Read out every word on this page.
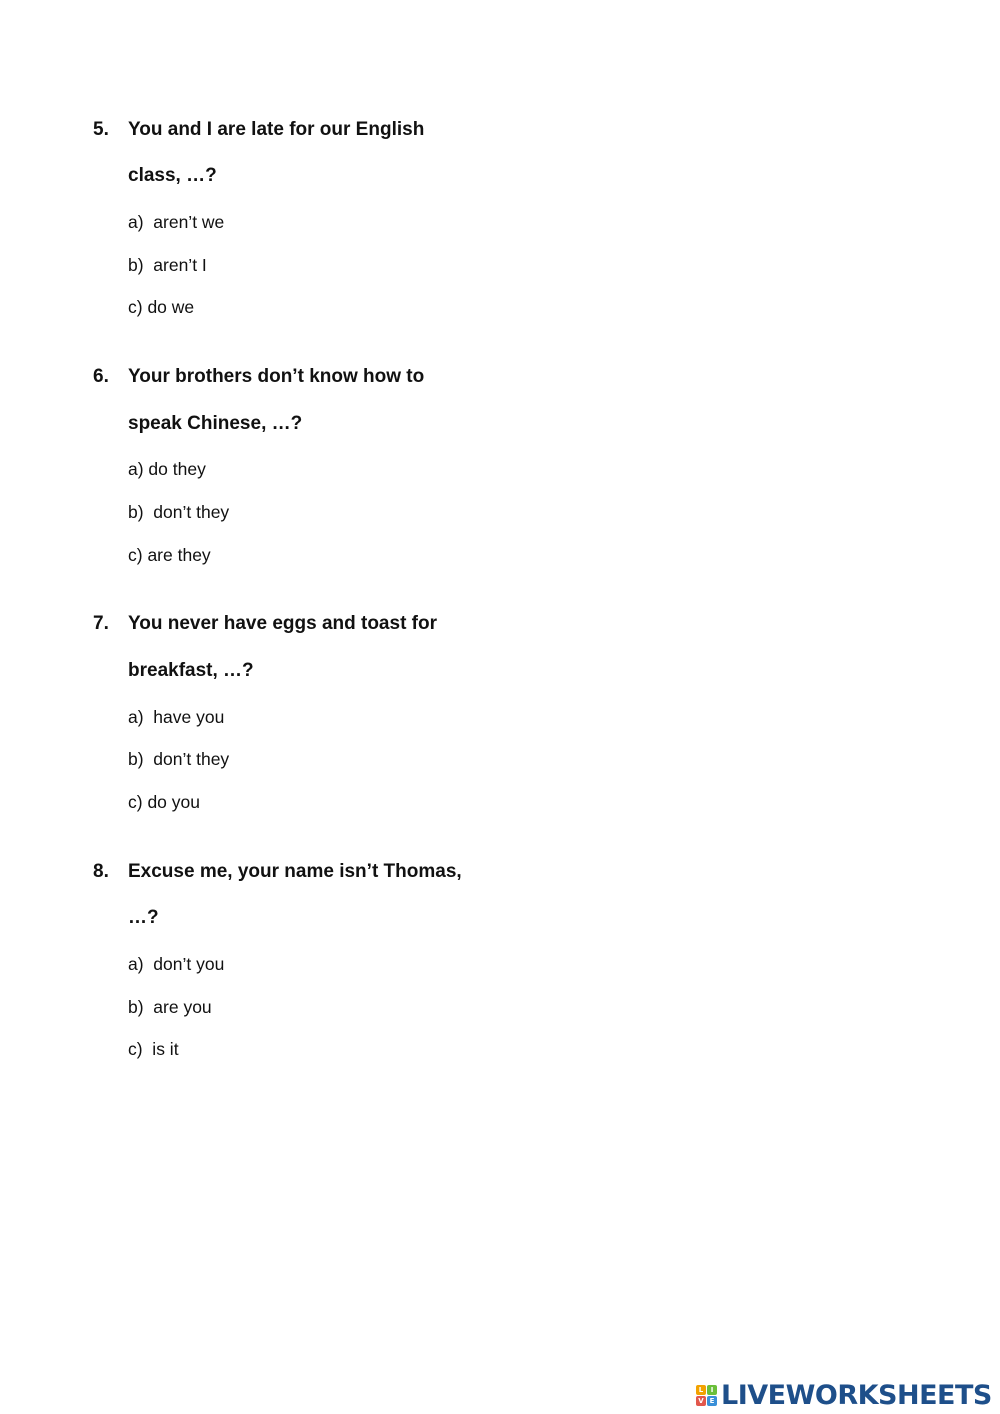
5. You and I are late for our English
class, …?
a)  aren’t we
b)  aren’t I
c) do we
6. Your brothers don’t know how to
speak Chinese, …?
a) do they
b)  don’t they
c) are they
7. You never have eggs and toast for
breakfast, …?
a)  have you
b)  don’t they
c) do you
8. Excuse me, your name isn’t Thomas,
…?
a)  don’t you
b)  are you
c)  is it
L	I
V E LIVEWORKSHEETS
